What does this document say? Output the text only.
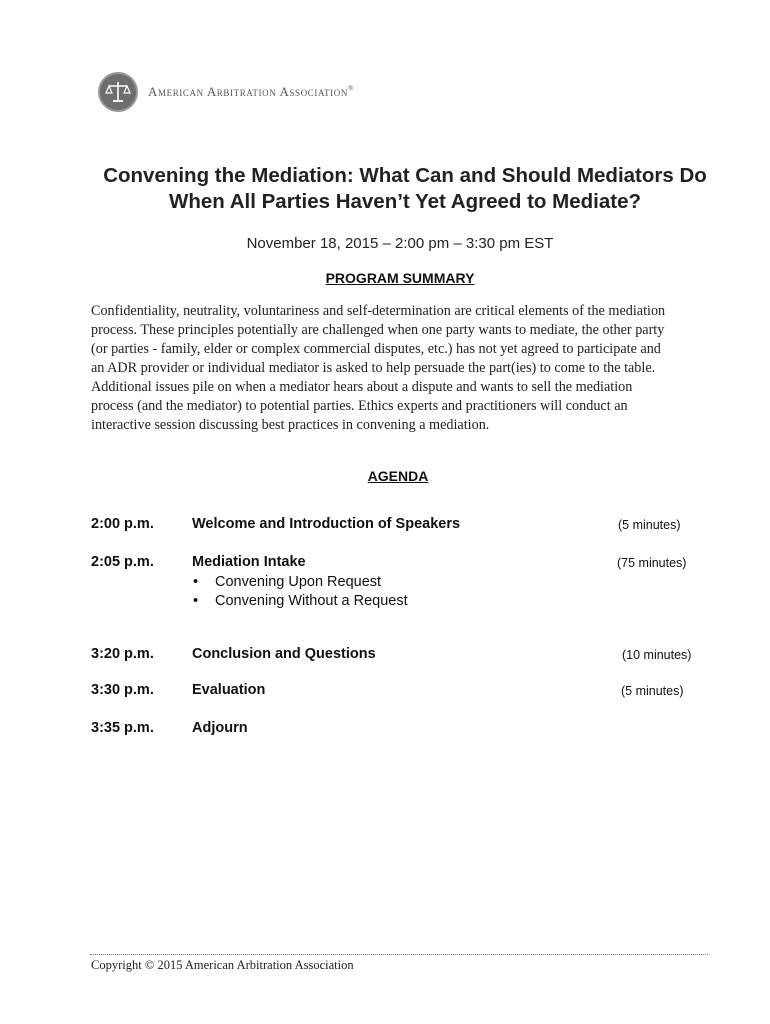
American Arbitration Association®
Convening the Mediation: What Can and Should Mediators Do
When All Parties Haven’t Yet Agreed to Mediate?
November 18, 2015 – 2:00 pm – 3:30 pm EST
PROGRAM SUMMARY
Confidentiality, neutrality, voluntariness and self-determination are critical elements of the mediation
process. These principles potentially are challenged when one party wants to mediate, the other party
(or parties - family, elder or complex commercial disputes, etc.) has not yet agreed to participate and
an ADR provider or individual mediator is asked to help persuade the part(ies) to come to the table.
Additional issues pile on when a mediator hears about a dispute and wants to sell the mediation
process (and the mediator) to potential parties. Ethics experts and practitioners will conduct an
interactive session discussing best practices in convening a mediation.
AGENDA
2:00 p.m.	Welcome and Introduction of Speakers	(5 minutes)
2:05 p.m.	Mediation Intake	(75 minutes)
• Convening Upon Request
• Convening Without a Request
3:20 p.m.	Conclusion and Questions	(10 minutes)
3:30 p.m.	Evaluation	(5 minutes)
3:35 p.m.	Adjourn
Copyright © 2015 American Arbitration Association
